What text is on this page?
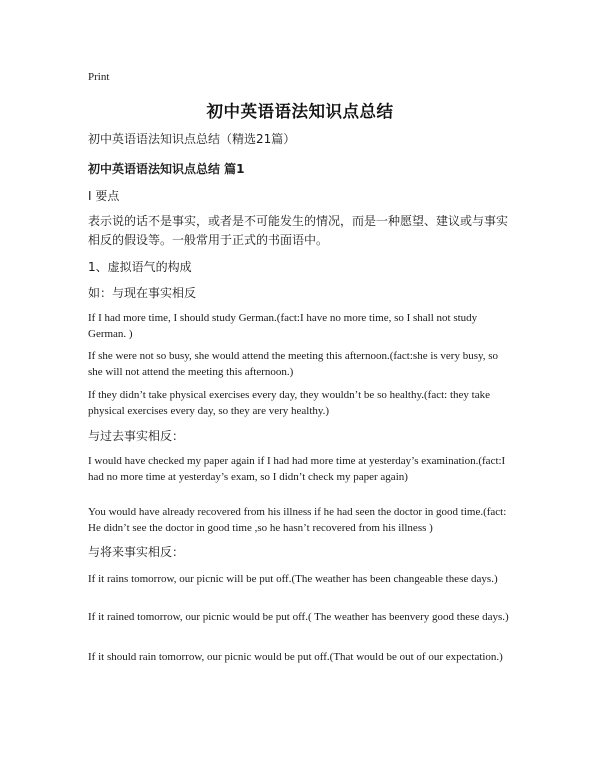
Print
初中英语语法知识点总结
初中英语语法知识点总结（精选21篇）
初中英语语法知识点总结 篇1
I 要点
表示说的话不是事实，或者是不可能发生的情况，而是一种愿望、建议或与事实相反的假设等。一般常用于正式的书面语中。
1、虚拟语气的构成
如：与现在事实相反
If I had more time, I should study German.(fact:I have no more time, so I shall not study German. )
If she were not so busy, she would attend the meeting this afternoon.(fact:she is very busy, so she will not attend the meeting this afternoon.)
If they didn’t take physical exercises every day, they wouldn’t be so healthy.(fact: they take physical exercises every day, so they are very healthy.)
与过去事实相反：
I would have checked my paper again if I had had more time at yesterday’s examination.(fact:I had no more time at yesterday’s exam, so I didn’t check my paper again)
You would have already recovered from his illness if he had seen the doctor in good time.(fact: He didn’t see the doctor in good time ,so he hasn’t recovered from his illness )
与将来事实相反：
If it rains tomorrow, our picnic will be put off.(The weather has been changeable these days.)
If it rained tomorrow, our picnic would be put off.( The weather has beenvery good these days.)
If it should rain tomorrow, our picnic would be put off.(That would be out of our expectation.)
